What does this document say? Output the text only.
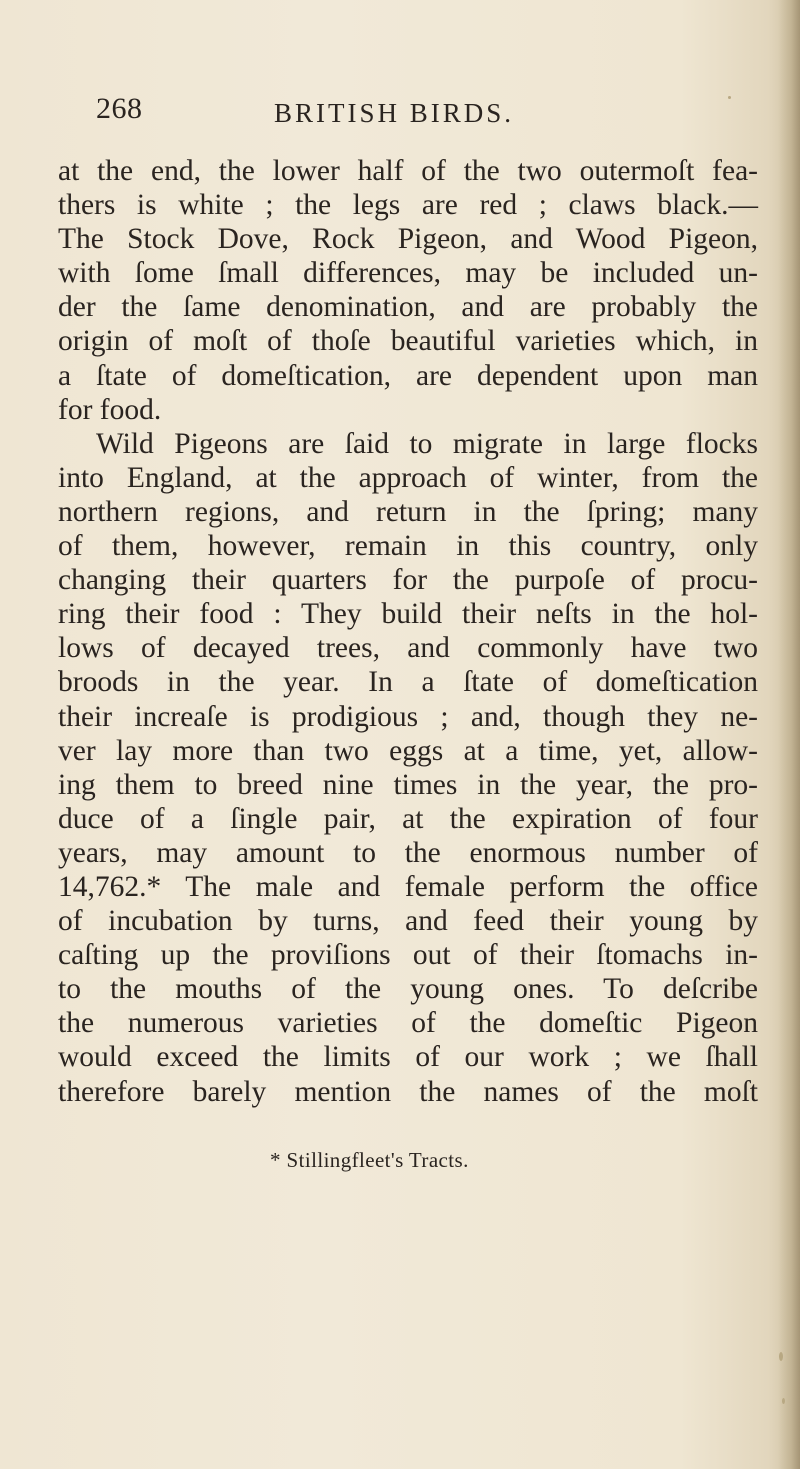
268	BRITISH BIRDS.
at the end, the lower half of the two outermoſt fea-
thers is white ; the legs are red ; claws black.—
The Stock Dove, Rock Pigeon, and Wood Pigeon,
with ſome ſmall differences, may be included un-
der the ſame denomination, and are probably the
origin of moſt of thoſe beautiful varieties which, in
a ſtate of domeſtication, are dependent upon man
for food.
Wild Pigeons are ſaid to migrate in large flocks
into England, at the approach of winter, from the
northern regions, and return in the ſpring; many
of them, however, remain in this country, only
changing their quarters for the purpoſe of procu-
ring their food : They build their neſts in the hol-
lows of decayed trees, and commonly have two
broods in the year. In a ſtate of domeſtication
their increaſe is prodigious ; and, though they ne-
ver lay more than two eggs at a time, yet, allow-
ing them to breed nine times in the year, the pro-
duce of a ſingle pair, at the expiration of four
years, may amount to the enormous number of
14,762.* The male and female perform the office
of incubation by turns, and feed their young by
caſting up the proviſions out of their ſtomachs in-
to the mouths of the young ones. To deſcribe
the numerous varieties of the domeſtic Pigeon
would exceed the limits of our work ; we ſhall
therefore barely mention the names of the moſt
* Stillingfleet's Tracts.
